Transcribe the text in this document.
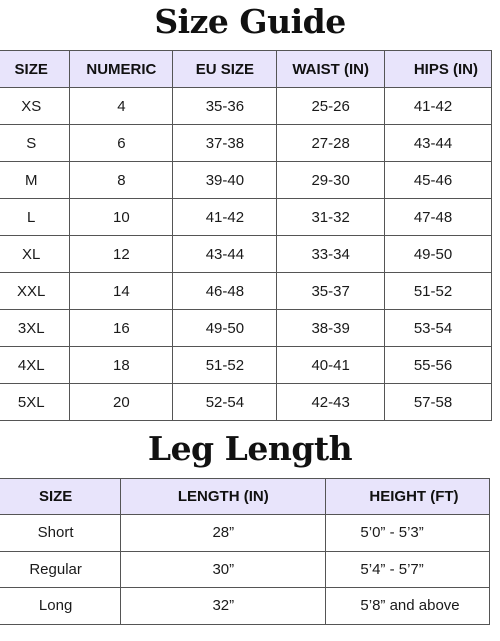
Size Guide
SIZE	NUMERIC	EU SIZE	WAIST (IN)	HIPS (IN)
XS	4	35-36	25-26	41-42
S	6	37-38	27-28	43-44
M	8	39-40	29-30	45-46
L	10	41-42	31-32	47-48
XL	12	43-44	33-34	49-50
XXL	14	46-48	35-37	51-52
3XL	16	49-50	38-39	53-54
4XL	18	51-52	40-41	55-56
5XL	20	52-54	42-43	57-58
Leg Length
SIZE	LENGTH (IN)	HEIGHT (FT)
Short	28”	5’0” - 5’3”
Regular	30”	5’4” - 5’7”
Long	32”	5’8” and above
